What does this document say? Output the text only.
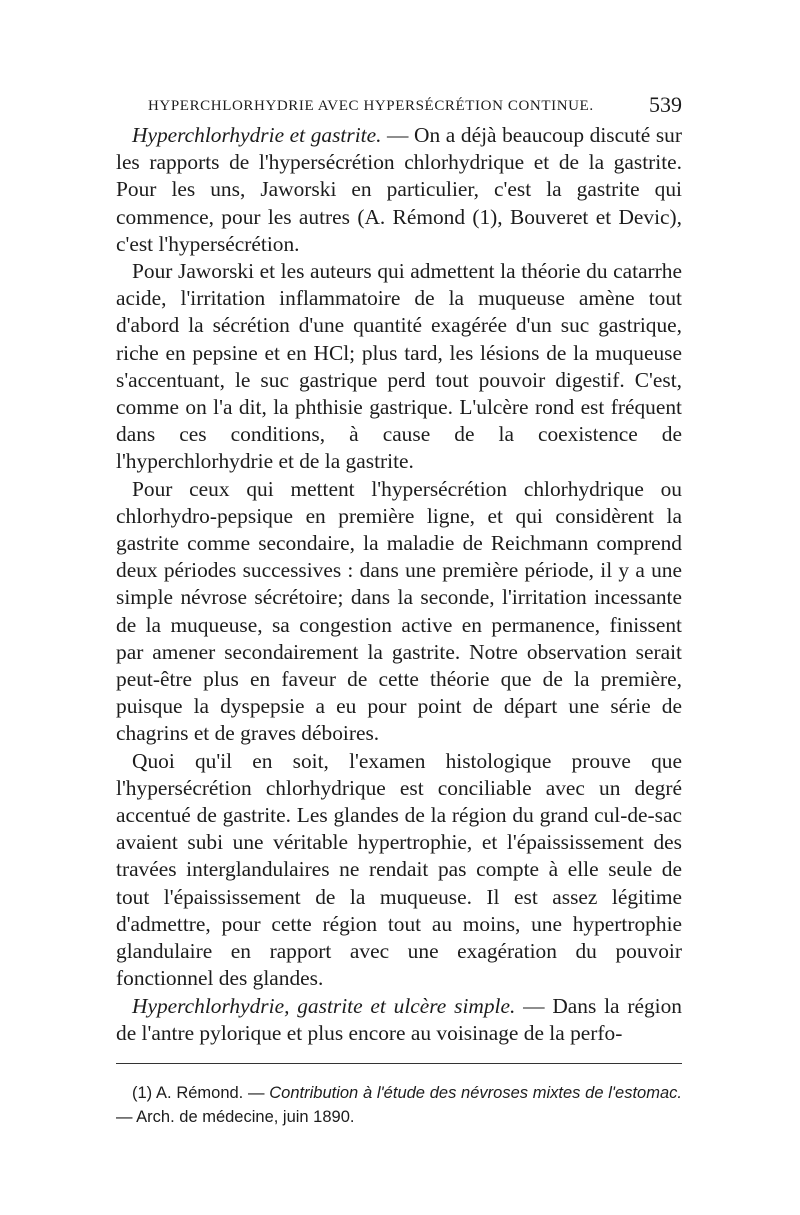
HYPERCHLORHYDRIE AVEC HYPERSÉCRÉTION CONTINUE.	539

Hyperchlorhydrie et gastrite. — On a déjà beaucoup discuté sur les rapports de l'hypersécrétion chlorhydrique et de la gastrite. Pour les uns, Jaworski en particulier, c'est la gastrite qui commence, pour les autres (A. Rémond (1), Bouveret et Devic), c'est l'hypersécrétion.

Pour Jaworski et les auteurs qui admettent la théorie du catarrhe acide, l'irritation inflammatoire de la muqueuse amène tout d'abord la sécrétion d'une quantité exagérée d'un suc gastrique, riche en pepsine et en HCl; plus tard, les lésions de la muqueuse s'accentuant, le suc gastrique perd tout pouvoir digestif. C'est, comme on l'a dit, la phthisie gastrique. L'ulcère rond est fréquent dans ces conditions, à cause de la coexistence de l'hyperchlorhydrie et de la gastrite.

Pour ceux qui mettent l'hypersécrétion chlorhydrique ou chlorhydro-pepsique en première ligne, et qui considèrent la gastrite comme secondaire, la maladie de Reichmann comprend deux périodes successives : dans une première période, il y a une simple névrose sécrétoire; dans la seconde, l'irritation incessante de la muqueuse, sa congestion active en permanence, finissent par amener secondairement la gastrite. Notre observation serait peut-être plus en faveur de cette théorie que de la première, puisque la dyspepsie a eu pour point de départ une série de chagrins et de graves déboires.

Quoi qu'il en soit, l'examen histologique prouve que l'hypersécrétion chlorhydrique est conciliable avec un degré accentué de gastrite. Les glandes de la région du grand cul-de-sac avaient subi une véritable hypertrophie, et l'épaississement des travées interglandulaires ne rendait pas compte à elle seule de tout l'épaississement de la muqueuse. Il est assez légitime d'admettre, pour cette région tout au moins, une hypertrophie glandulaire en rapport avec une exagération du pouvoir fonctionnel des glandes.

Hyperchlorhydrie, gastrite et ulcère simple. — Dans la région de l'antre pylorique et plus encore au voisinage de la perfo-

(1) A. Rémond. — Contribution à l'étude des névroses mixtes de l'estomac. — Arch. de médecine, juin 1890.
